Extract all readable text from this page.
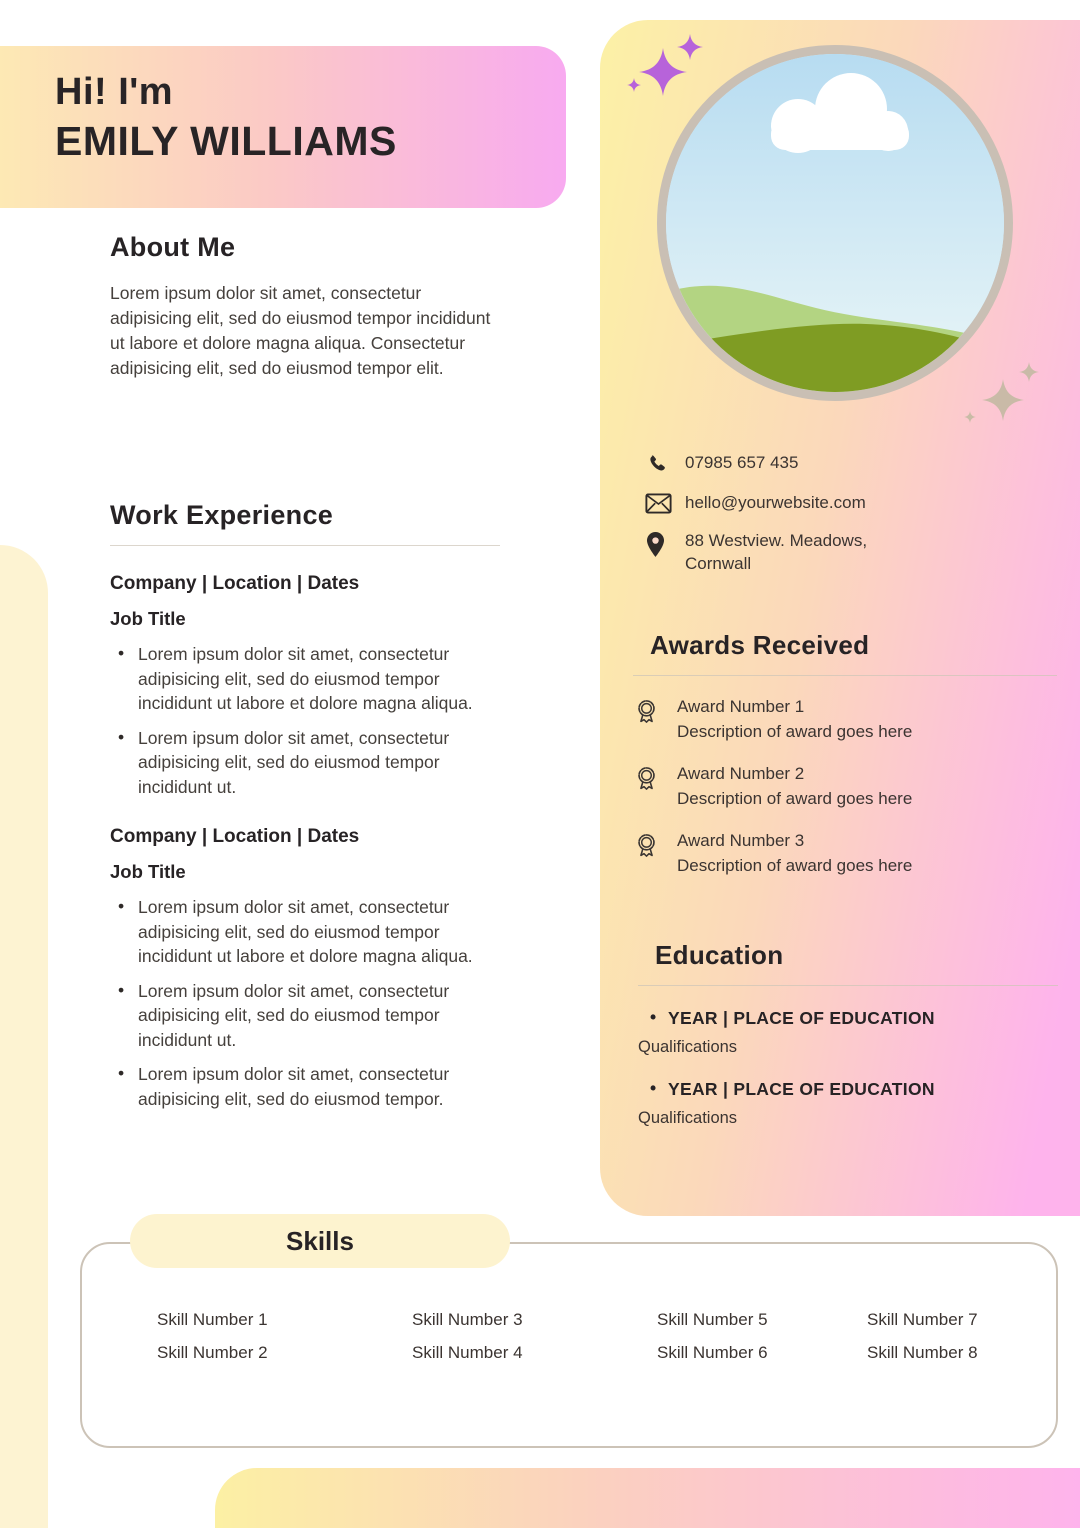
Hi! I'm
EMILY WILLIAMS
About Me

Lorem ipsum dolor sit amet, consectetur adipisicing elit, sed do eiusmod tempor incididunt ut labore et dolore magna aliqua. Consectetur adipisicing elit, sed do eiusmod tempor elit.

Work Experience
Company | Location | Dates
Job Title
• Lorem ipsum dolor sit amet, consectetur adipisicing elit, sed do eiusmod tempor incididunt ut labore et dolore magna aliqua.
• Lorem ipsum dolor sit amet, consectetur adipisicing elit, sed do eiusmod tempor incididunt ut.
Company | Location | Dates
Job Title
• Lorem ipsum dolor sit amet, consectetur adipisicing elit, sed do eiusmod tempor incididunt ut labore et dolore magna aliqua.
• Lorem ipsum dolor sit amet, consectetur adipisicing elit, sed do eiusmod tempor incididunt ut.
• Lorem ipsum dolor sit amet, consectetur adipisicing elit, sed do eiusmod tempor.
07985 657 435
hello@yourwebsite.com
88 Westview. Meadows, Cornwall
Awards Received
Award Number 1
Description of award goes here
Award Number 2
Description of award goes here
Award Number 3
Description of award goes here
Education
• YEAR | PLACE OF EDUCATION
Qualifications
• YEAR | PLACE OF EDUCATION
Qualifications
Skill Number 1
Skill Number 2
Skill Number 3
Skill Number 4
Skill Number 5
Skill Number 6
Skill Number 7
Skill Number 8
Skills
